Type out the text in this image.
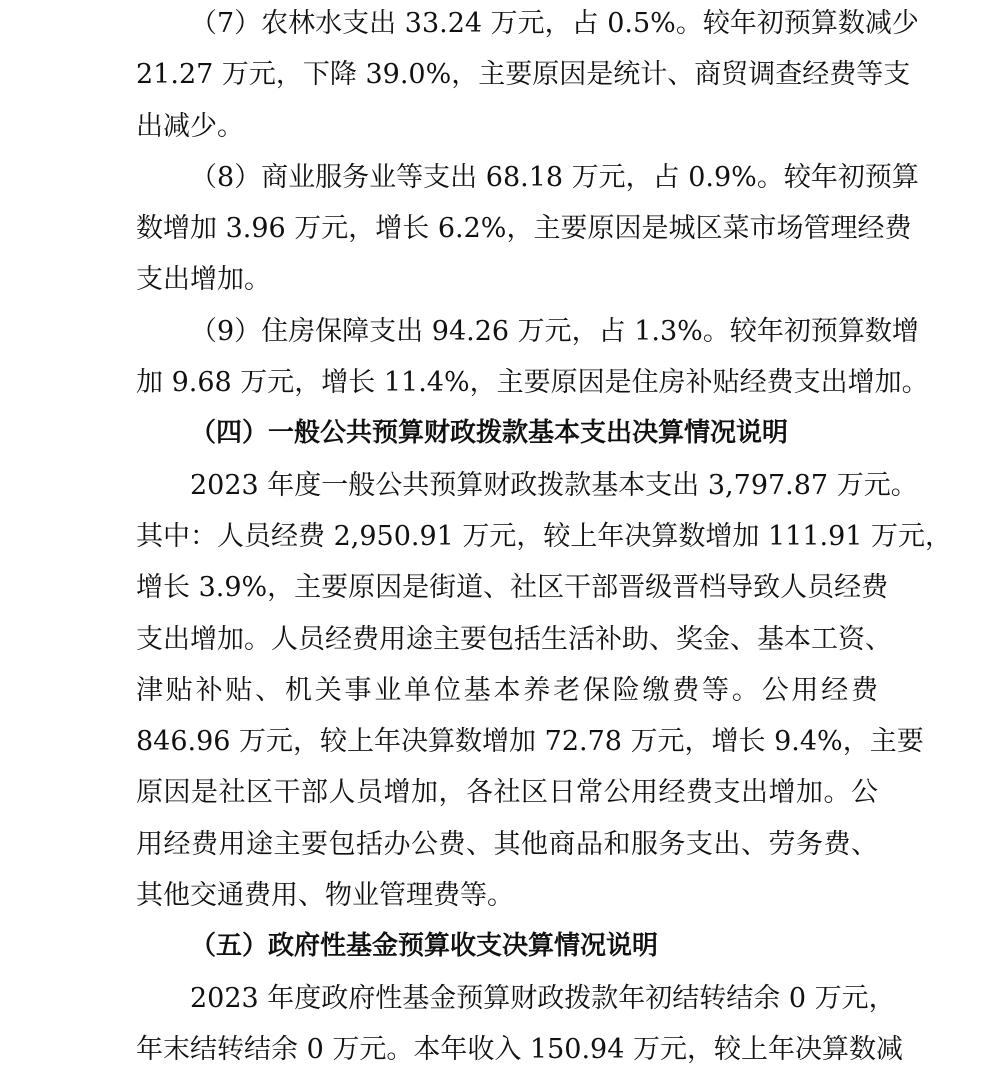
（7）农林水支出 33.24 万元，占 0.5%。较年初预算数减少
21.27 万元，下降 39.0%，主要原因是统计、商贸调查经费等支
出减少。
（8）商业服务业等支出 68.18 万元，占 0.9%。较年初预算
数增加 3.96 万元，增长 6.2%，主要原因是城区菜市场管理经费
支出增加。
（9）住房保障支出 94.26 万元，占 1.3%。较年初预算数增
加 9.68 万元，增长 11.4%，主要原因是住房补贴经费支出增加。
（四）一般公共预算财政拨款基本支出决算情况说明
2023 年度一般公共预算财政拨款基本支出 3,797.87 万元。
其中：人员经费 2,950.91 万元，较上年决算数增加 111.91 万元，
增长 3.9%，主要原因是街道、社区干部晋级晋档导致人员经费
支出增加。人员经费用途主要包括生活补助、奖金、基本工资、
津贴补贴、机关事业单位基本养老保险缴费等。公用经费
846.96 万元，较上年决算数增加 72.78 万元，增长 9.4%，主要
原因是社区干部人员增加，各社区日常公用经费支出增加。公
用经费用途主要包括办公费、其他商品和服务支出、劳务费、
其他交通费用、物业管理费等。
（五）政府性基金预算收支决算情况说明
2023 年度政府性基金预算财政拨款年初结转结余 0 万元，
年末结转结余 0 万元。本年收入 150.94 万元，较上年决算数减
